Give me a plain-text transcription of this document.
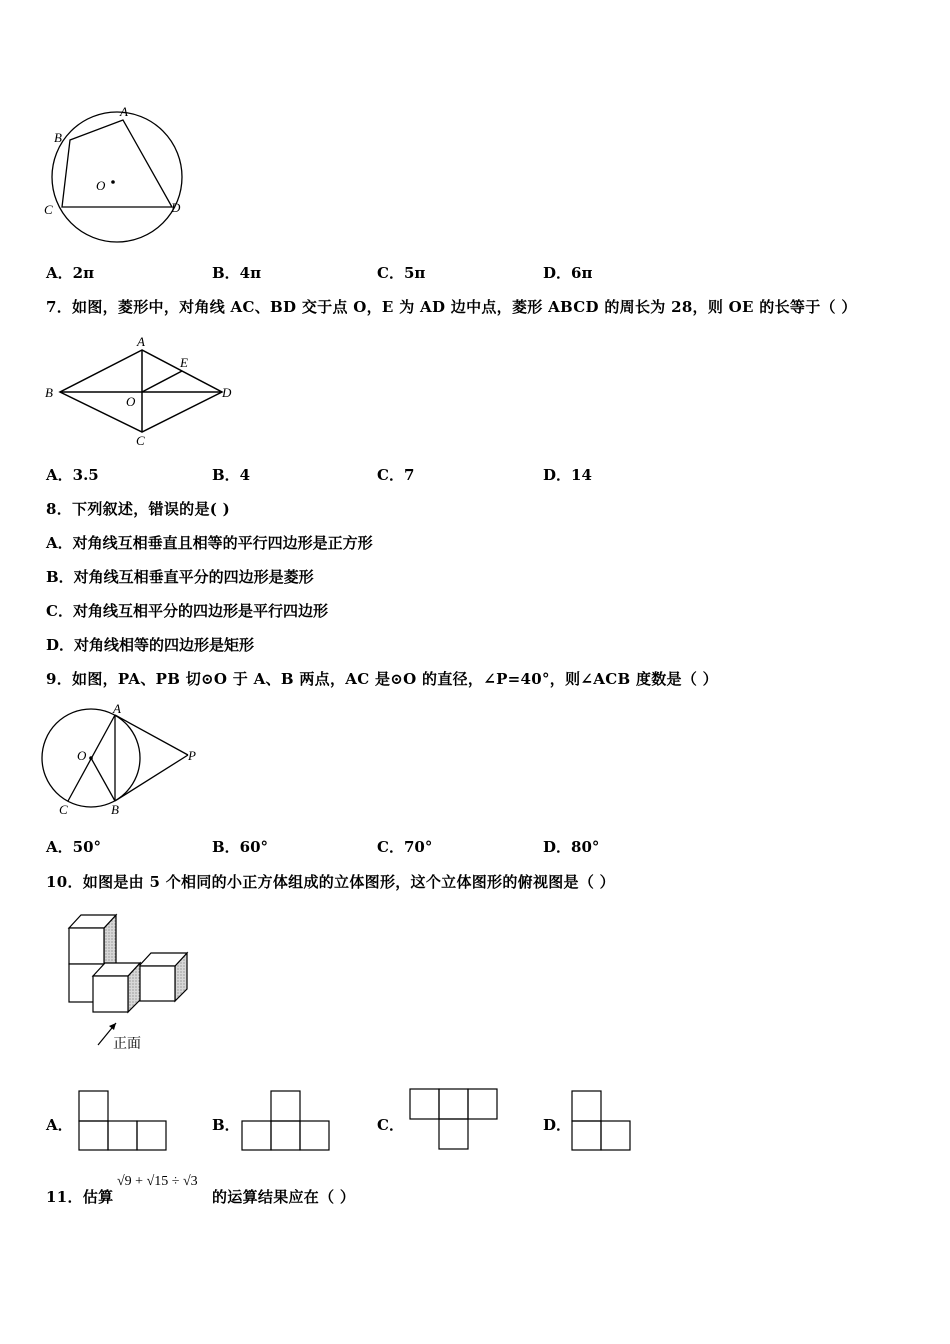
A
B
C	D
O
A．2π	B．4π	C．5π	D．6π
7．如图，菱形中，对角线 AC、BD 交于点 O，E 为 AD 边中点，菱形 ABCD 的周长为 28，则 OE 的长等于（ ）
A
B
C
D
O
E
A．3.5	B．4	C．7	D．14
8．下列叙述，错误的是( )
A．对角线互相垂直且相等的平行四边形是正方形
B．对角线互相垂直平分的四边形是菱形
C．对角线互相平分的四边形是平行四边形
D．对角线相等的四边形是矩形
9．如图，PA、PB 切⊙O 于 A、B 两点，AC 是⊙O 的直径，∠P=40°，则∠ACB 度数是（ ）
A
B
C
O	P
A．50°	B．60°	C．70°	D．80°
10．如图是由 5 个相同的小正方体组成的立体图形，这个立体图形的俯视图是（ ）
正面
A．	B．	C．	D．
11．估算
√9 + √15 ÷ √3
的运算结果应在（ ）
